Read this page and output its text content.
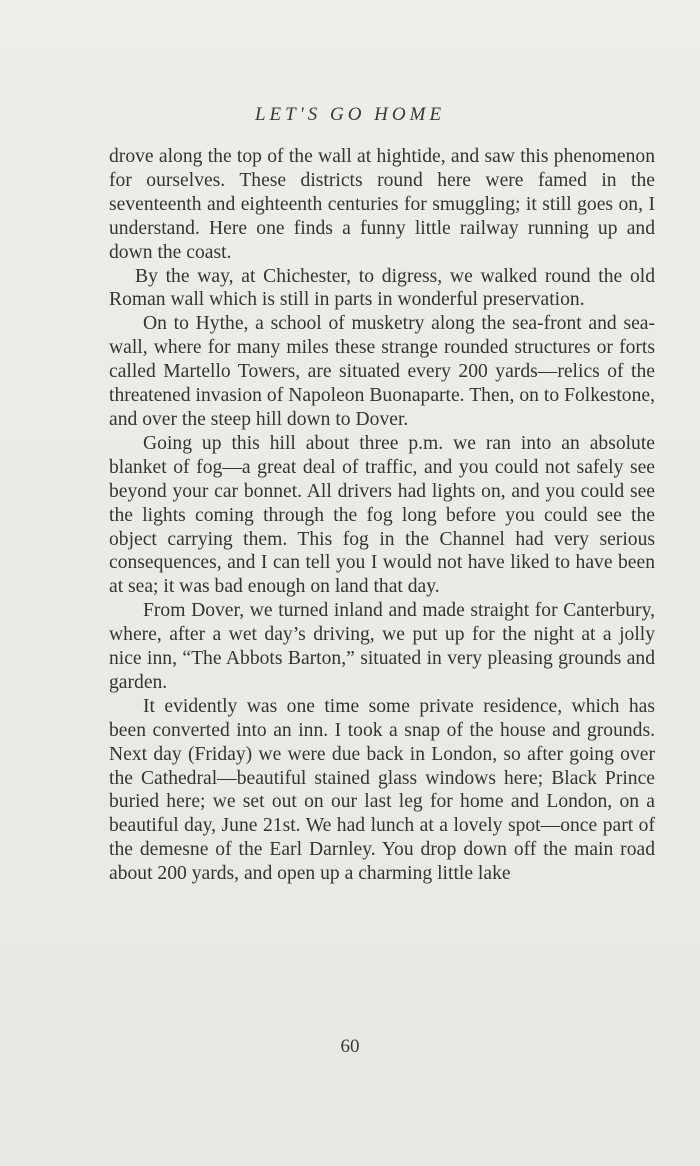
LET'S GO HOME

drove along the top of the wall at hightide, and saw this phenomenon for ourselves. These districts round here were famed in the seventeenth and eighteenth centuries for smuggling; it still goes on, I understand. Here one finds a funny little railway running up and down the coast.

By the way, at Chichester, to digress, we walked round the old Roman wall which is still in parts in wonderful preservation.

On to Hythe, a school of musketry along the sea-front and sea-wall, where for many miles these strange rounded structures or forts called Martello Towers, are situated every 200 yards—relics of the threatened invasion of Napoleon Buonaparte. Then, on to Folkestone, and over the steep hill down to Dover.

Going up this hill about three p.m. we ran into an absolute blanket of fog—a great deal of traffic, and you could not safely see beyond your car bonnet. All drivers had lights on, and you could see the lights coming through the fog long before you could see the object carrying them. This fog in the Channel had very serious consequences, and I can tell you I would not have liked to have been at sea; it was bad enough on land that day.

From Dover, we turned inland and made straight for Canterbury, where, after a wet day’s driving, we put up for the night at a jolly nice inn, “The Abbots Barton,” situated in very pleasing grounds and garden.

It evidently was one time some private residence, which has been converted into an inn. I took a snap of the house and grounds. Next day (Friday) we were due back in London, so after going over the Cathedral—beautiful stained glass windows here; Black Prince buried here; we set out on our last leg for home and London, on a beautiful day, June 21st. We had lunch at a lovely spot—once part of the demesne of the Earl Darnley. You drop down off the main road about 200 yards, and open up a charming little lake

60
